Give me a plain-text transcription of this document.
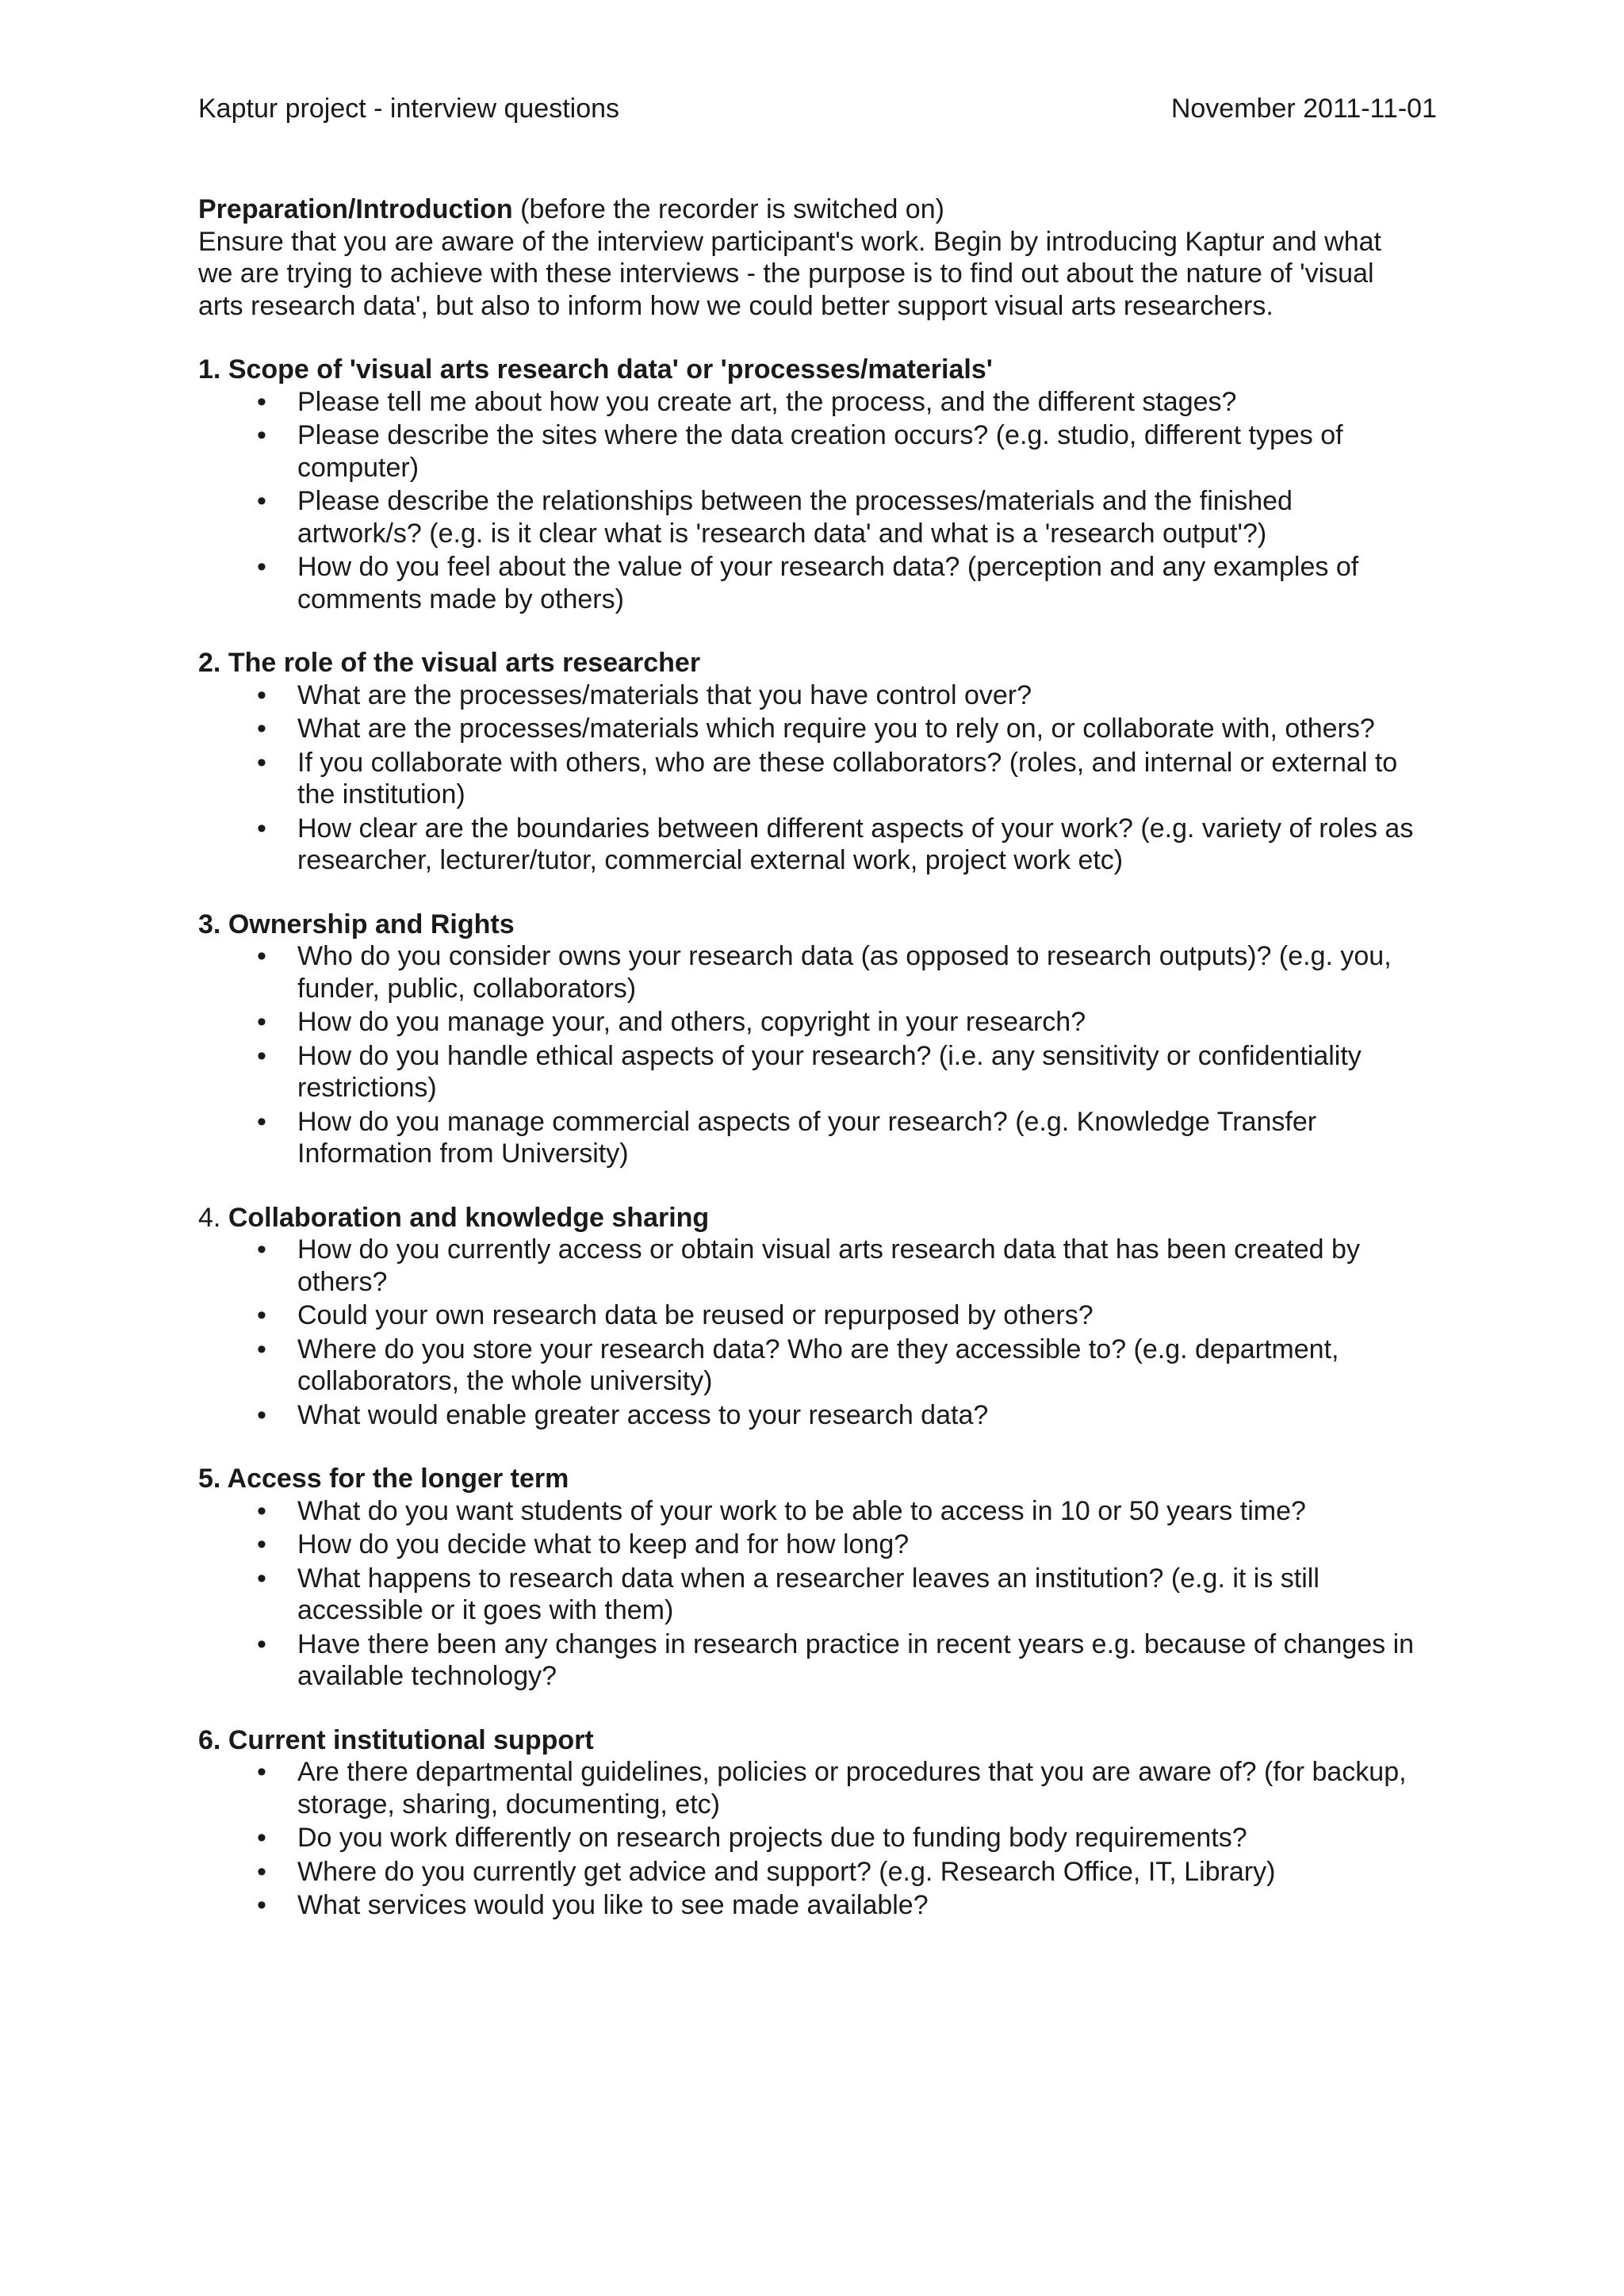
Kaptur project - interview questions	November 2011-11-01

Preparation/Introduction (before the recorder is switched on)

Ensure that you are aware of the interview participant's work. Begin by introducing Kaptur and what

we are trying to achieve with these interviews - the purpose is to find out about the nature of 'visual

arts research data', but also to inform how we could better support visual arts researchers.

1. Scope of 'visual arts research data' or 'processes/materials'

• Please tell me about how you create art, the process, and the different stages?
• Please describe the sites where the data creation occurs? (e.g. studio, different types of
computer)
• Please describe the relationships between the processes/materials and the finished
artwork/s? (e.g. is it clear what is 'research data' and what is a 'research output'?)
• How do you feel about the value of your research data? (perception and any examples of
comments made by others)

2. The role of the visual arts researcher

• What are the processes/materials that you have control over?
• What are the processes/materials which require you to rely on, or collaborate with, others?
• If you collaborate with others, who are these collaborators? (roles, and internal or external to
the institution)
• How clear are the boundaries between different aspects of your work? (e.g. variety of roles as
researcher, lecturer/tutor, commercial external work, project work etc)

3. Ownership and Rights

• Who do you consider owns your research data (as opposed to research outputs)? (e.g. you,
funder, public, collaborators)
• How do you manage your, and others, copyright in your research?
• How do you handle ethical aspects of your research? (i.e. any sensitivity or confidentiality
restrictions)
• How do you manage commercial aspects of your research? (e.g. Knowledge Transfer
Information from University)

4. Collaboration and knowledge sharing

• How do you currently access or obtain visual arts research data that has been created by
others?
• Could your own research data be reused or repurposed by others?
• Where do you store your research data? Who are they accessible to? (e.g. department,
collaborators, the whole university)
• What would enable greater access to your research data?

5. Access for the longer term

• What do you want students of your work to be able to access in 10 or 50 years time?
• How do you decide what to keep and for how long?
• What happens to research data when a researcher leaves an institution? (e.g. it is still
accessible or it goes with them)
• Have there been any changes in research practice in recent years e.g. because of changes in
available technology?

6. Current institutional support

• Are there departmental guidelines, policies or procedures that you are aware of? (for backup,
storage, sharing, documenting, etc)
• Do you work differently on research projects due to funding body requirements?
• Where do you currently get advice and support? (e.g. Research Office, IT, Library)
• What services would you like to see made available?
